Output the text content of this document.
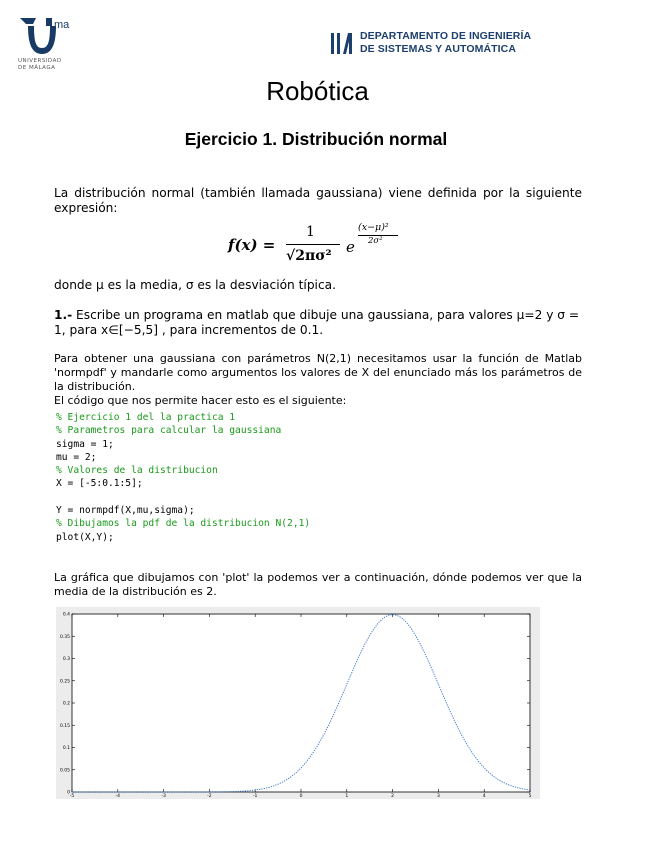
ma
UNIVERSIDAD
DE MÁLAGA
DEPARTAMENTO DE INGENIERÍA
DE SISTEMAS Y AUTOMÁTICA
Robótica
Ejercicio 1. Distribución normal
La distribución normal (también llamada gaussiana) viene definida por la siguiente expresión:
f(x) =
1
√2πσ² e
(x−μ)²
2σ²
donde μ es la media, σ es la desviación típica.
1.- Escribe un programa en matlab que dibuje una gaussiana, para valores μ=2 y σ = 1, para x∈[−5,5] , para incrementos de 0.1.
Para obtener una gaussiana con parámetros N(2,1) necesitamos usar la función de Matlab 'normpdf' y mandarle como argumentos los valores de X del enunciado más los parámetros de la distribución.
El código que nos permite hacer esto es el siguiente:
% Ejercicio 1 del la practica 1
% Parametros para calcular la gaussiana
sigma = 1;
mu = 2;
% Valores de la distribucion
X = [-5:0.1:5];

Y = normpdf(X,mu,sigma);
% Dibujamos la pdf de la distribucion N(2,1)
plot(X,Y);
La gráfica que dibujamos con 'plot' la podemos ver a continuación, dónde podemos ver que la media de la distribución es 2.
-5	-4	-3	-2	-1	0	1	2	3	4	5
0
0.05
0.1
0.15
0.2
0.25
0.3
0.35
0.4
